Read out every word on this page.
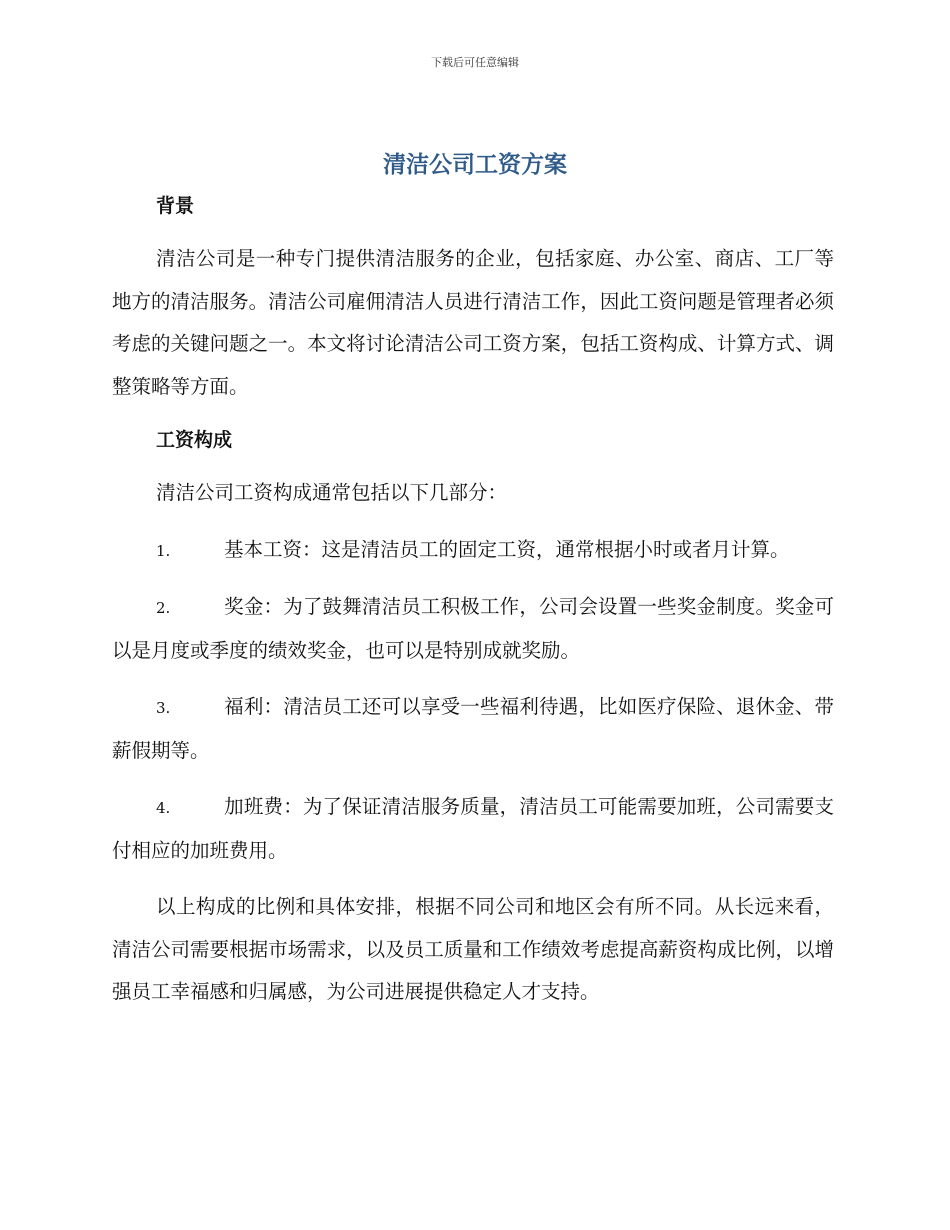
下载后可任意编辑
清洁公司工资方案
背景

清洁公司是一种专门提供清洁服务的企业，包括家庭、办公室、商店、工厂等地方的清洁服务。清洁公司雇佣清洁人员进行清洁工作，因此工资问题是管理者必须考虑的关键问题之一。本文将讨论清洁公司工资方案，包括工资构成、计算方式、调整策略等方面。

工资构成

清洁公司工资构成通常包括以下几部分：

1.	基本工资：这是清洁员工的固定工资，通常根据小时或者月计算。

2.	奖金：为了鼓舞清洁员工积极工作，公司会设置一些奖金制度。奖金可以是月度或季度的绩效奖金，也可以是特别成就奖励。

3.	福利：清洁员工还可以享受一些福利待遇，比如医疗保险、退休金、带薪假期等。

4.	加班费：为了保证清洁服务质量，清洁员工可能需要加班，公司需要支付相应的加班费用。

以上构成的比例和具体安排，根据不同公司和地区会有所不同。从长远来看，清洁公司需要根据市场需求，以及员工质量和工作绩效考虑提高薪资构成比例，以增强员工幸福感和归属感，为公司进展提供稳定人才支持。
